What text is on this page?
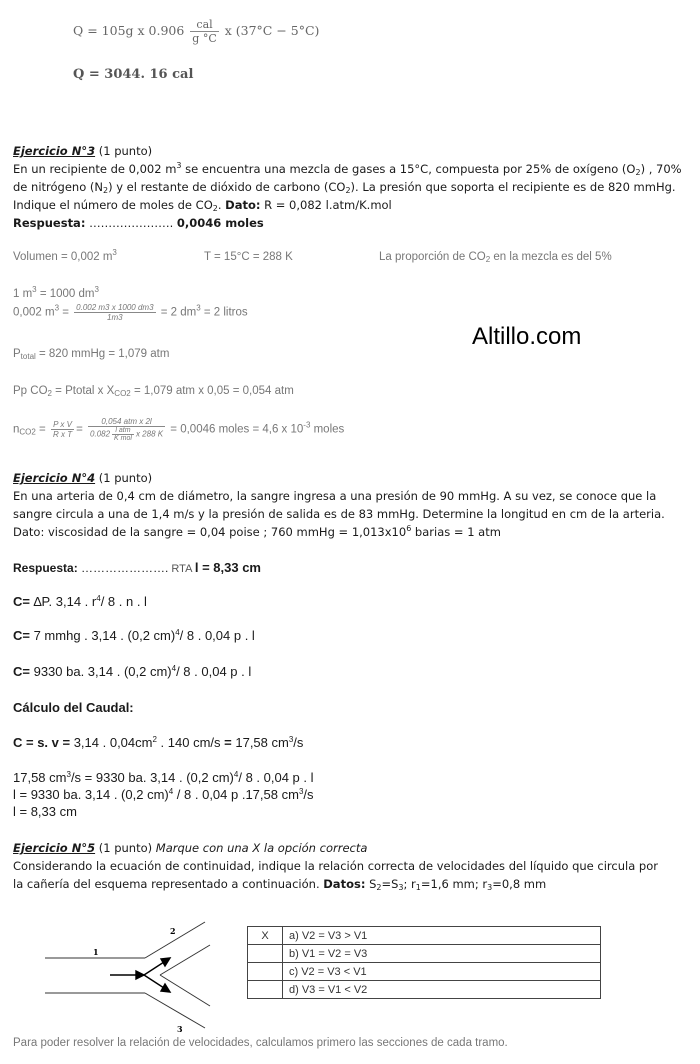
Q = 105g x $0.906 \frac{\text{cal}}{g ^\circ C}$ x (37°C − 5°C)
Q = 3044. 16 cal
Ejercicio N°3 (1 punto)
En un recipiente de 0,002 $m^3$ se encuentra una mezcla de gases a 15°C, compuesta por 25% de oxígeno $(O_2)$ , 70%
de nitrógeno $(N_2)$ y el restante de dióxido de carbono $(CO_2)$. La presión que soporta el recipiente es de 820 mmHg.
Indique el número de moles de $CO_2$. Dato: R = 0,082 l.atm/K.mol
Respuesta: …………………. 0,0046 moles
Volumen = 0,002 $m^3$	T = 15°C = 288 K	La proporción de $CO_2$ en la mezcla es del 5%
1 $m^3 = 1000$ $dm^3$
0,002 $m^3 = \frac{0.002 m3 x 1000 dm3}{1m3} = 2$ $dm^3 = 2$ litros
Altillo.com
$P_{total} = 820$ mmHg = 1,079 atm
Pp $CO_2$ = Ptotal x $X_{CO2} = 1,079$ atm x 0,05 = 0,054 atm
$n_{CO2} = \frac{\text{P x V}}{\text{R x T}} = \frac{\text{0,054 atm x 2l}}{0.082 \frac{\text{l atm}}{\text{K mol}} x 288 K} = 0,0046$ moles = 4,6 x $10^{-3}$ moles
Ejercicio N°4 (1 punto)
En una arteria de 0,4 cm de diámetro, la sangre ingresa a una presión de 90 mmHg. A su vez, se conoce que la
sangre circula a una de 1,4 m/s y la presión de salida es de 83 mmHg. Determine la longitud en cm de la arteria.
Dato: viscosidad de la sangre = 0,04 poise ; 760 mmHg = $1,013x10^6$ barias = 1 atm
Respuesta: …………………. RTA l = 8,33 cm
C= ∆P. 3,14 . $r^4/$ 8 . n . l
C= 7 mmhg . 3,14 . (0,2 cm)$^4$/ 8 . 0,04 p . l
C= 9330 ba. 3,14 . (0,2 cm)$^4$/ 8 . 0,04 p . l
Cálculo del Caudal:
C = s. v = 3,14 . $0,04cm^2$ . 140 cm/s = 17,58 $cm^3/s$
17,58 $cm^3/s = 9330$ ba. 3,14 . (0,2 cm)$^4$/ 8 . 0,04 p . l
l = 9330 ba. 3,14 . (0,2 cm)$^4$ / 8 . 0,04 p .17,58 $cm^3/s$
l = 8,33 cm
Ejercicio N°5 (1 punto) Marque con una X la opción correcta
Considerando la ecuación de continuidad, indique la relación correcta de velocidades del líquido que circula por
la cañería del esquema representado a continuación. Datos: $S_2=S_3$; $r_1=1,6$ mm; $r_3=0,8$ mm
1
2
3
X	a) V2 = V3 > V1
	b) V1 = V2 = V3
	c) V2 = V3 < V1
	d) V3 = V1 < V2
Para poder resolver la relación de velocidades, calculamos primero las secciones de cada tramo.
